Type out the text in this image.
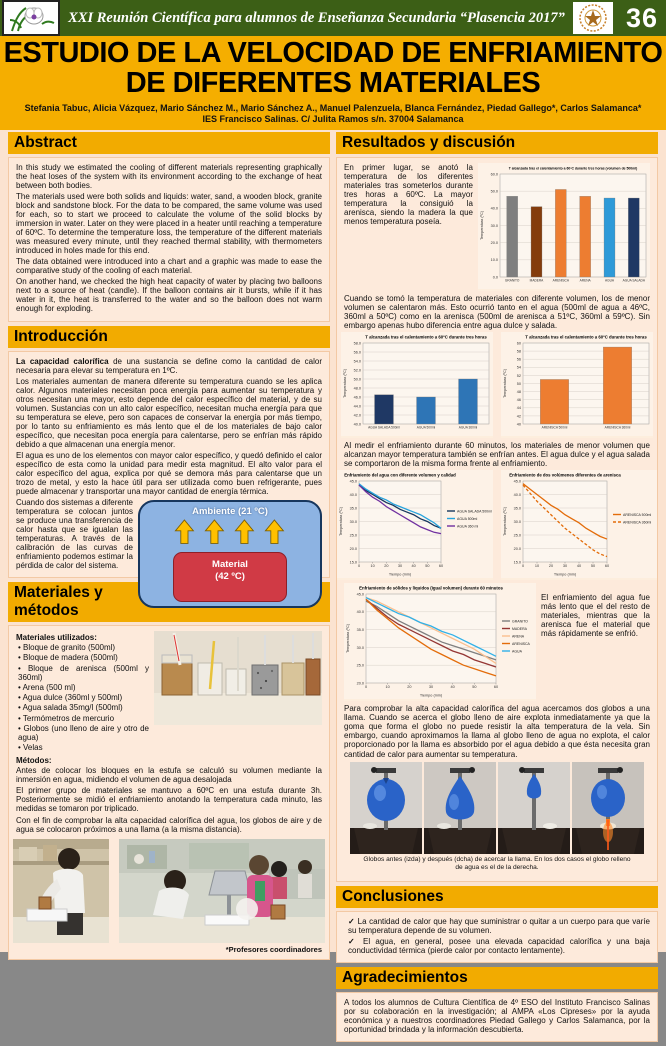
XXI Reunión Científica para alumnos de Enseñanza Secundaria “Plasencia 2017”	36
ESTUDIO DE LA VELOCIDAD DE ENFRIAMIENTO
DE DIFERENTES MATERIALES
Stefania Tabuc, Alicia Vázquez, Mario Sánchez M., Mario Sánchez A., Manuel Palenzuela, Blanca Fernández, Piedad Gallego*, Carlos Salamanca*
IES Francisco Salinas. C/ Julita Ramos s/n. 37004 Salamanca
Abstract

In this study we estimated the cooling of different materials representing graphically the heat loses of the system with its environment according to the exchange of heat between both bodies.

The materials used were both solids and liquids: water, sand, a wooden block, granite block and sandstone block. For the data to be compared, the same volume was used for each, so to start we proceed to calculate the volume of the solid blocks by immersion in water. Later on they were placed in a heater until reaching a temperature of 60ºC. To determine the temperature loss, the temperature of the different materials was measured every minute, until they reached thermal stability, with thermometers introduced in holes made for this end.

The data obtained were introduced into a chart and a graphic was made to ease the comparative study of the cooling of each material.

On another hand, we checked the high heat capacity of water by placing two balloons next to a source of heat (candle). If the balloon contains air it bursts, while if it has water in it, the heat is transferred to the water and so the balloon does not warm enough for exploding.

Introducción

La capacidad calorífica de una sustancia se define como la cantidad de calor necesaria para elevar su temperatura en 1ºC.

Los materiales aumentan de manera diferente su temperatura cuando se les aplica calor. Algunos materiales necesitan poca energía para aumentar su temperatura y otros necesitan una mayor, esto depende del calor específico del material, y de su volumen. Sustancias con un alto calor específico, necesitan mucha energía para que su temperatura se eleve, pero son capaces de conservar la energía por más tiempo, por lo tanto su enfriamiento es más lento que el de los materiales de bajo calor específico, que necesitan poca energía para calentarse, pero se enfrían más rápido debido a que almacenan una energía menor.

El agua es uno de los elementos con mayor calor específico, y quedó definido el calor específico de esta como la unidad para medir esta magnitud. El alto valor para el calor específico del agua, explica por qué se demora más para calentarse que un trozo de metal, y esto la hace útil para ser utilizada como buen refrigerante, pues puede almacenar y transportar una mayor cantidad de energía térmica.

Ambiente (21 ºC)
Material
(42 ºC)

Cuando dos sistemas a diferente temperatura se colocan juntos se produce una transferencia de calor hasta que se igualan las temperaturas. A través de la calibración de las curvas de enfriamiento podemos estimar la pérdida de calor del sistema.

Materiales y métodos
Materiales utilizados:
• Bloque de granito (500ml)
• Bloque de madera (500ml)
• Bloque de arenisca (500ml y 360ml)
• Arena (500 ml)
• Agua dulce (360ml y 500ml)
• Agua salada 35mg/l (500ml)
• Termómetros de mercurio
• Globos (uno lleno de aire y otro de agua)
• Velas
Métodos:

Antes de colocar los bloques en la estufa se calculó su volumen mediante la inmersión en agua, midiendo el volumen de agua desalojada

El primer grupo de materiales se mantuvo a 60ºC en una estufa durante 3h. Posteriormente se midió el enfriamiento anotando la temperatura cada minuto, las medidas se tomaron por triplicado.

Con el fin de comprobar la alta capacidad calorífica del agua, los globos de aire y de agua se colocaron próximos a una llama (a la misma distancia).

*Profesores coordinadores
Resultados y discusión

En primer lugar, se anotó la temperatura de los diferentes materiales tras someterlos durante tres horas a 60ºC. La mayor temperatura la consiguió la arenisca, siendo la madera la que menos temperatura poseía.

T alcanzada tras el calentamiento a 60ºC durante tres horas (volumen de 500ml)
0.0
10.0
20.0
30.0
40.0
50.0
60.0
GRANITO	MADERA	ARENISCA	ARENA	AGUA	AGUA SALADA
Temperatura (ºC)

Cuando se tomó la temperatura de materiales con diferente volumen, los de menor volumen se calentaron más. Esto ocurrió tanto en el agua (500ml de agua a 46ºC, 360ml a 50ºC) como en la arenisca (500ml de arenisca a 51ºC, 360ml a 59ºC). Sin embargo apenas hubo diferencia entre agua dulce y salada.

T alcanzada tras el calentamiento a 60ºC durante tres horas
40.0
42.0
44.0
46.0
48.0
50.0
52.0
54.0
56.0
58.0
AGUA SALADA 500ml	AGUA 500ml	AGUA 360ml
Temperatura (ºC)
T alcanzada tras el calentamiento a 60ºC durante tres horas
40
42
44
46
48
50
52
54
56
58
60
ARENISCA 500ml	ARENISCA 360ml
Temperatura (ºC)

Al medir el enfriamiento durante 60 minutos, los materiales de menor volumen que alcanzan mayor temperatura también se enfrían antes. El agua dulce y el agua salada se comportaron de la misma forma frente al enfriamiento.

Enfriamiento del agua con diferente volumen y calidad
15.0
20.0
25.0
30.0
35.0
40.0
45.0
0	10 20 30 40 50 60
AGUA SALADA 500ml
AGUA 500ml
AGUA 360 ml
Temperatura (ºC)
Tiempo (min)
Enfriamiento de dos volúmenes diferentes de arenisca
15.0
20.0
25.0
30.0
35.0
40.0
45.0
0	10	20	30	40	50	60
ARENISCA 500ml
ARENISCA 360ml
Temperatura (ºC)
Tiempo (min)
Enfriamiento de sólidos y líquidos (igual volumen) durante 60 minutos
20.0
25.0
30.0
35.0
40.0
45.0
0	10	20	30	40	50	60
GRANITO
MADERA
ARENA
ARENISCA
AGUA
Temperatura (ºC)
Tiempo (min)

El enfriamiento del agua fue más lento que el del resto de materiales, mientras que la arenisca fue el material que más rápidamente se enfrió.

Para comprobar la alta capacidad calorífica del agua acercamos dos globos a una llama. Cuando se acerca el globo lleno de aire explota inmediatamente ya que la goma que forma el globo no puede resistir la alta temperatura de la vela. Sin embargo, cuando aproximamos la llama al globo lleno de agua no explota, el calor proporcionado por la llama es absorbido por el agua debido a que ésta necesita gran cantidad de calor para aumentar su temperatura.

Globos antes (izda) y después (dcha) de acercar la llama. En los dos casos el globo relleno de agua es el de la derecha.
Conclusiones
✓ La cantidad de calor que hay que suministrar o quitar a un cuerpo para que varíe su temperatura depende de su volumen.
✓ El agua, en general, posee una elevada capacidad calorífica y una baja conductividad térmica (pierde calor por contacto lentamente).
Agradecimientos

A todos los alumnos de Cultura Científica de 4º ESO del Instituto Francisco Salinas por su colaboración en la investigación; al AMPA «Los Cipreses» por la ayuda económica y a nuestros coordinadores Piedad Gallego y Carlos Salamanca, por la oportunidad brindada y la información descubierta.
